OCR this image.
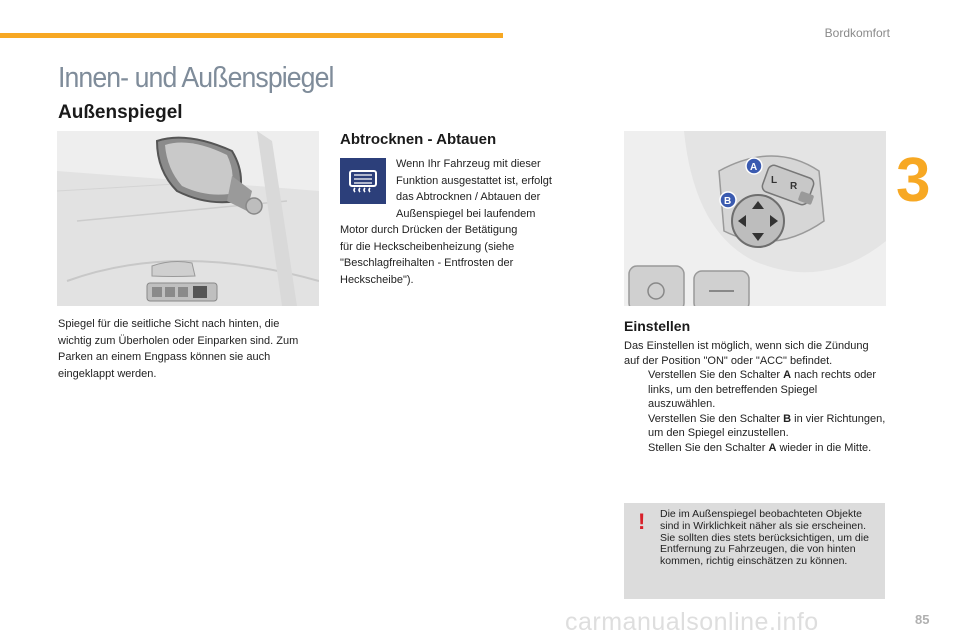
Bordkomfort
3
Innen- und Außenspiegel
Außenspiegel
Spiegel für die seitliche Sicht nach hinten, die wichtig zum Überholen oder Einparken sind. Zum Parken an einem Engpass können sie auch eingeklappt werden.
Abtrocknen - Abtauen
Wenn Ihr Fahrzeug mit dieser
Funktion ausgestattet ist, erfolgt
das Abtrocknen / Abtauen der
Außenspiegel bei laufendem
Motor durch Drücken der Betätigung
für die Heckscheibenheizung (siehe
"Beschlagfreihalten - Entfrosten der
Heckscheibe").
L
R
A
B
Einstellen
Das Einstellen ist möglich, wenn sich die Zündung auf der Position "ON" oder "ACC" befindet.
Verstellen Sie den Schalter A nach rechts oder links, um den betreffenden Spiegel auszuwählen.
Verstellen Sie den Schalter B in vier Richtungen, um den Spiegel einzustellen.
Stellen Sie den Schalter A wieder in die Mitte.
! Die im Außenspiegel beobachteten Objekte sind in Wirklichkeit näher als sie erscheinen.
Sie sollten dies stets berücksichtigen, um die Entfernung zu Fahrzeugen, die von hinten kommen, richtig einschätzen zu können.
carmanualsonline.info	85
